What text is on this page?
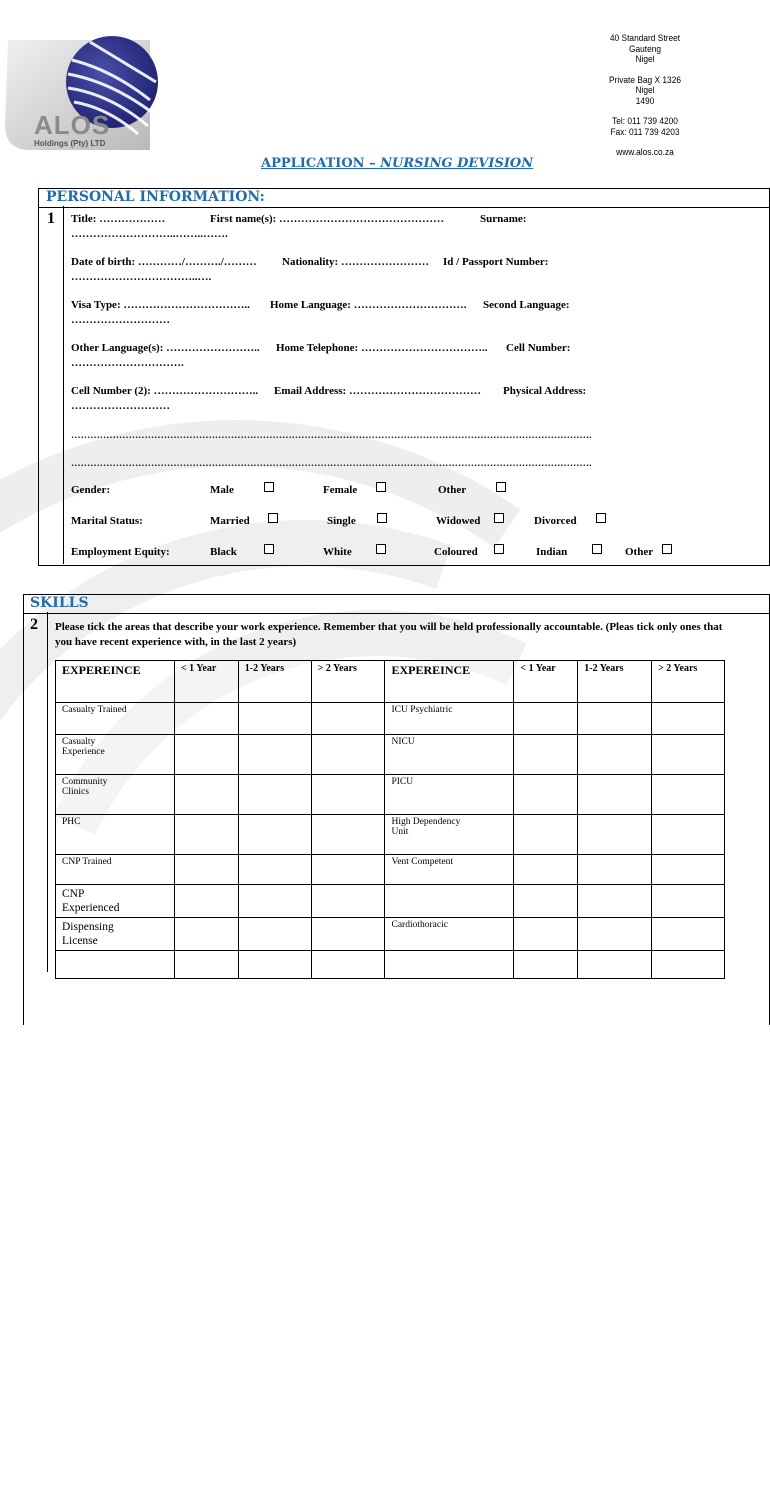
ALOS
Holdings (Pty) LTD
40 Standard Street
Gauteng
Nigel
Private Bag X 1326
Nigel
1490
Tel: 011 739 4200
Fax: 011 739 4203
www.alos.co.za
APPLICATION – NURSING DEVISION
PERSONAL INFORMATION:
1 Title: ………………	First name(s): ………………………………………	Surname:
………………………..……..…….
Date of birth: …………/………./……… Nationality: …………………… Id / Passport Number:
……………………………..….
Visa Type: …………………………….. Home Language: …………………………. Second Language:
………………………
Other Language(s): …………………….. Home Telephone: …………………………….. Cell Number:
………………………….
Cell Number (2): ……………………….. Email Address: ……………………………… Physical Address:
………………………
……………………………………………………………………………………………………………………………………………….
……………………………………………………………………………………………………………………………………………….
Gender:	Male	Female	Other
Marital Status:	Married	Single	Widowed	Divorced
Employment Equity:	Black	White	Coloured	Indian	Other
SKILLS
2 Please tick the areas that describe your work experience. Remember that you will be held professionally accountable. (Pleas tick only ones that you have recent experience with, in the last 2 years)
EXPEREINCE	< 1 Year	1-2 Years	> 2 Years	EXPEREINCE	< 1 Year	1-2 Years	> 2 Years
Casualty Trained				ICU Psychiatric			
Casualty Experience				NICU			
Community Clinics				PICU			
PHC				High Dependency Unit			
CNP Trained				Vent Competent			
CNP Experienced							
Dispensing License				Cardiothoracic			
